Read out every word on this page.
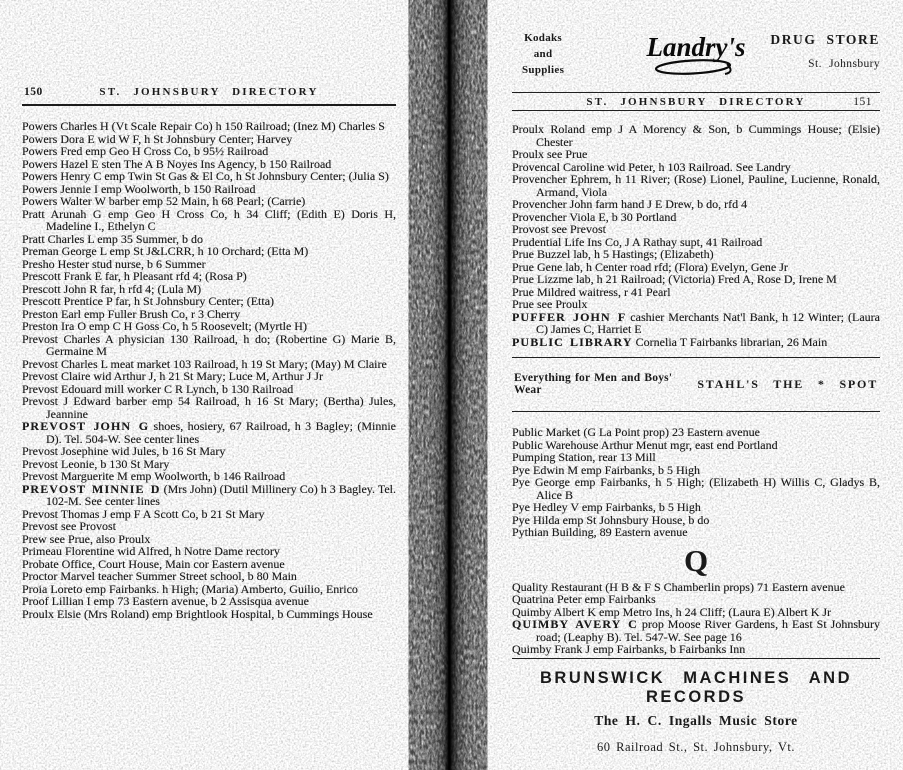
150	ST. JOHNSBURY DIRECTORY

Powers Charles H (Vt Scale Repair Co) h 150 Railroad; (Inez M) Charles S

Powers Dora E wid W F, h St Johnsbury Center; Harvey

Powers Fred emp Geo H Cross Co, b 95½ Railroad

Powers Hazel E sten The A B Noyes Ins Agency, b 150 Railroad

Powers Henry C emp Twin St Gas & El Co, h St Johnsbury Center; (Julia S)

Powers Jennie I emp Woolworth, b 150 Railroad

Powers Walter W barber emp 52 Main, h 68 Pearl; (Carrie)

Pratt Arunah G emp Geo H Cross Co, h 34 Cliff; (Edith E) Doris H, Madeline I., Ethelyn C

Pratt Charles L emp 35 Summer, b do

Preman George L emp St J&LCRR, h 10 Orchard; (Etta M)

Presho Hester stud nurse, b 6 Summer

Prescott Frank E far, h Pleasant rfd 4; (Rosa P)

Prescott John R far, h rfd 4; (Lula M)

Prescott Prentice P far, h St Johnsbury Center; (Etta)

Preston Earl emp Fuller Brush Co, r 3 Cherry

Preston Ira O emp C H Goss Co, h 5 Roosevelt; (Myrtle H)

Prevost Charles A physician 130 Railroad, h do; (Robertine G) Marie B, Germaine M

Prevost Charles L meat market 103 Railroad, h 19 St Mary; (May) M Claire

Prevost Claire wid Arthur J, h 21 St Mary; Luce M, Arthur J Jr

Prevost Edouard mill worker C R Lynch, b 130 Railroad

Prevost J Edward barber emp 54 Railroad, h 16 St Mary; (Bertha) Jules, Jeannine

PREVOST JOHN G shoes, hosiery, 67 Railroad, h 3 Bagley; (Minnie D). Tel. 504-W. See center lines

Prevost Josephine wid Jules, b 16 St Mary

Prevost Leonie, b 130 St Mary

Prevost Marguerite M emp Woolworth, b 146 Railroad

PREVOST MINNIE D (Mrs John) (Dutil Millinery Co) h 3 Bagley. Tel. 102-M. See center lines

Prevost Thomas J emp F A Scott Co, b 21 St Mary

Prevost see Provost

Prew see Prue, also Proulx

Primeau Florentine wid Alfred, h Notre Dame rectory

Probate Office, Court House, Main cor Eastern avenue

Proctor Marvel teacher Summer Street school, b 80 Main

Proia Loreto emp Fairbanks. h High; (Maria) Amberto, Guilio, Enrico

Proof Lillian I emp 73 Eastern avenue, b 2 Assisqua avenue

Proulx Elsie (Mrs Roland) emp Brightlook Hospital, b Cummings House

Kodaks
and
Supplies
Landry's DRUG STORE
St. Johnsbury
ST. JOHNSBURY DIRECTORY	151

Proulx Roland emp J A Morency & Son, b Cummings House; (Elsie) Chester

Proulx see Prue

Provencal Caroline wid Peter, h 103 Railroad. See Landry

Provencher Ephrem, h 11 River; (Rose) Lionel, Pauline, Lucienne, Ronald, Armand, Viola

Provencher John farm hand J E Drew, b do, rfd 4

Provencher Viola E, b 30 Portland

Provost see Prevost

Prudential Life Ins Co, J A Rathay supt, 41 Railroad

Prue Buzzel lab, h 5 Hastings; (Elizabeth)

Prue Gene lab, h Center road rfd; (Flora) Evelyn, Gene Jr

Prue Lizzme lab, h 21 Railroad; (Victoria) Fred A, Rose D, Irene M

Prue Mildred waitress, r 41 Pearl

Prue see Proulx

PUFFER JOHN F cashier Merchants Nat'l Bank, h 12 Winter; (Laura C) James C, Harriet E

PUBLIC LIBRARY Cornelia T Fairbanks librarian, 26 Main

Everything for Men and Boys' Wear	STAHL'S THE * SPOT

Public Market (G La Point prop) 23 Eastern avenue

Public Warehouse Arthur Menut mgr, east end Portland

Pumping Station, rear 13 Mill

Pye Edwin M emp Fairbanks, b 5 High

Pye George emp Fairbanks, h 5 High; (Elizabeth H) Willis C, Gladys B, Alice B

Pye Hedley V emp Fairbanks, b 5 High

Pye Hilda emp St Johnsbury House, b do

Pythian Building, 89 Eastern avenue

Q

Quality Restaurant (H B & F S Chamberlin props) 71 Eastern avenue

Quatrina Peter emp Fairbanks

Quimby Albert K emp Metro Ins, h 24 Cliff; (Laura E) Albert K Jr

QUIMBY AVERY C prop Moose River Gardens, h East St Johnsbury road; (Leaphy B). Tel. 547-W. See page 16

Quimby Frank J emp Fairbanks, b Fairbanks Inn

BRUNSWICK MACHINES AND RECORDS
The H. C. Ingalls Music Store
60 Railroad St., St. Johnsbury, Vt.
